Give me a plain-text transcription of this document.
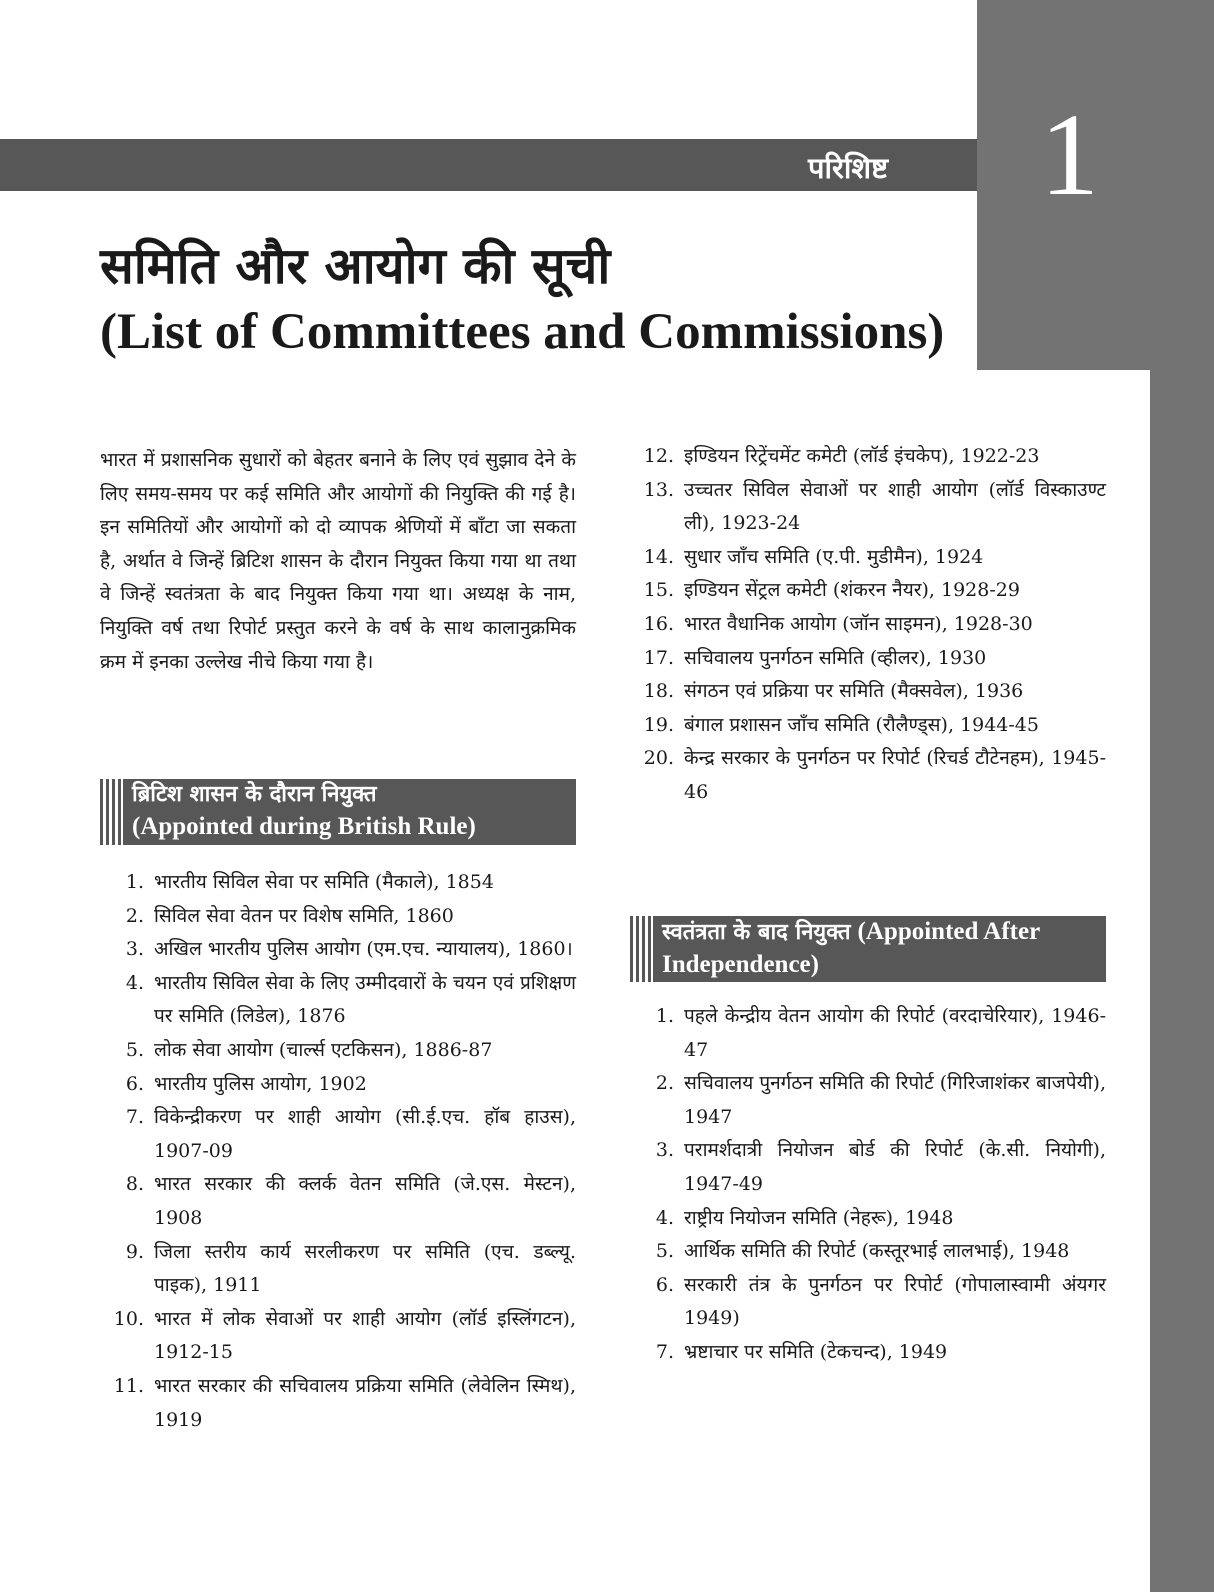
परिशिष्ट 1
समिति और आयोग की सूची
(List of Committees and Commissions)

भारत में प्रशासनिक सुधारों को बेहतर बनाने के लिए एवं सुझाव देने के लिए समय-समय पर कई समिति और आयोगों की नियुक्ति की गई है। इन समितियों और आयोगों को दो व्यापक श्रेणियों में बाँटा जा सकता है, अर्थात वे जिन्हें ब्रिटिश शासन के दौरान नियुक्त किया गया था तथा वे जिन्हें स्वतंत्रता के बाद नियुक्त किया गया था। अध्यक्ष के नाम, नियुक्ति वर्ष तथा रिपोर्ट प्रस्तुत करने के वर्ष के साथ कालानुक्रमिक क्रम में इनका उल्लेख नीचे किया गया है।

ब्रिटिश शासन के दौरान नियुक्त
(Appointed during British Rule)
1. भारतीय सिविल सेवा पर समिति (मैकाले), 1854
2. सिविल सेवा वेतन पर विशेष समिति, 1860
3. अखिल भारतीय पुलिस आयोग (एम.एच. न्यायालय), 1860।
4. भारतीय सिविल सेवा के लिए उम्मीदवारों के चयन एवं प्रशिक्षण पर समिति (लिडेल), 1876
5. लोक सेवा आयोग (चार्ल्स एटकिसन), 1886-87
6. भारतीय पुलिस आयोग, 1902
7. विकेन्द्रीकरण पर शाही आयोग (सी.ई.एच. हॉब हाउस), 1907-09
8. भारत सरकार की क्लर्क वेतन समिति (जे.एस. मेस्टन), 1908
9. जिला स्तरीय कार्य सरलीकरण पर समिति (एच. डब्ल्यू. पाइक), 1911
10. भारत में लोक सेवाओं पर शाही आयोग (लॉर्ड इस्लिंगटन), 1912-15
11. भारत सरकार की सचिवालय प्रक्रिया समिति (लेवेलिन स्मिथ), 1919
12. इण्डियन रिट्रेंचमेंट कमेटी (लॉर्ड इंचकेप), 1922-23
13. उच्चतर सिविल सेवाओं पर शाही आयोग (लॉर्ड विस्काउण्ट ली), 1923-24
14. सुधार जाँच समिति (ए.पी. मुडीमैन), 1924
15. इण्डियन सेंट्रल कमेटी (शंकरन नैयर), 1928-29
16. भारत वैधानिक आयोग (जॉन साइमन), 1928-30
17. सचिवालय पुनर्गठन समिति (व्हीलर), 1930
18. संगठन एवं प्रक्रिया पर समिति (मैक्सवेल), 1936
19. बंगाल प्रशासन जाँच समिति (रौलैण्ड्स), 1944-45
20. केन्द्र सरकार के पुनर्गठन पर रिपोर्ट (रिचर्ड टौटेनहम), 1945-46
स्वतंत्रता के बाद नियुक्त (Appointed After Independence)
1. पहले केन्द्रीय वेतन आयोग की रिपोर्ट (वरदाचेरियार), 1946-47
2. सचिवालय पुनर्गठन समिति की रिपोर्ट (गिरिजाशंकर बाजपेयी), 1947
3. परामर्शदात्री नियोजन बोर्ड की रिपोर्ट (के.सी. नियोगी), 1947-49
4. राष्ट्रीय नियोजन समिति (नेहरू), 1948
5. आर्थिक समिति की रिपोर्ट (कस्तूरभाई लालभाई), 1948
6. सरकारी तंत्र के पुनर्गठन पर रिपोर्ट (गोपालास्वामी अंयगर 1949)
7. भ्रष्टाचार पर समिति (टेकचन्द), 1949
